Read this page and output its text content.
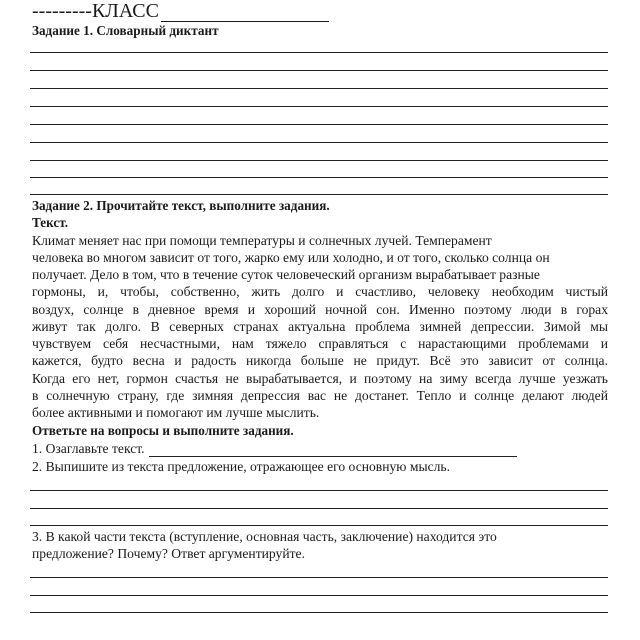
--------- КЛАСС
Задание 1. Словарный диктант
Задание 2. Прочитайте текст, выполните задания.
Текст.
Климат меняет нас при помощи температуры и солнечных лучей. Темперамент
человека во многом зависит от того, жарко ему или холодно, и от того, сколько солнца он
получает. Дело в том, что в течение суток человеческий организм вырабатывает разные
гормоны, и, чтобы, собственно, жить долго и счастливо, человеку необходим чистый
воздух, солнце в дневное время и хороший ночной сон. Именно поэтому люди в горах
живут так долго. В северных странах актуальна проблема зимней депрессии. Зимой мы
чувствуем себя несчастными, нам тяжело справляться с нарастающими проблемами и
кажется, будто весна и радость никогда больше не придут. Всё это зависит от солнца.
Когда его нет, гормон счастья не вырабатывается, и поэтому на зиму всегда лучше уезжать
в солнечную страну, где зимняя депрессия вас не достанет. Тепло и солнце делают людей
более активными и помогают им лучше мыслить.
Ответьте на вопросы и выполните задания.
1. Озаглавьте текст.
2. Выпишите из текста предложение, отражающее его основную мысль.
3. В какой части текста (вступление, основная часть, заключение) находится это
предложение? Почему? Ответ аргументируйте.
